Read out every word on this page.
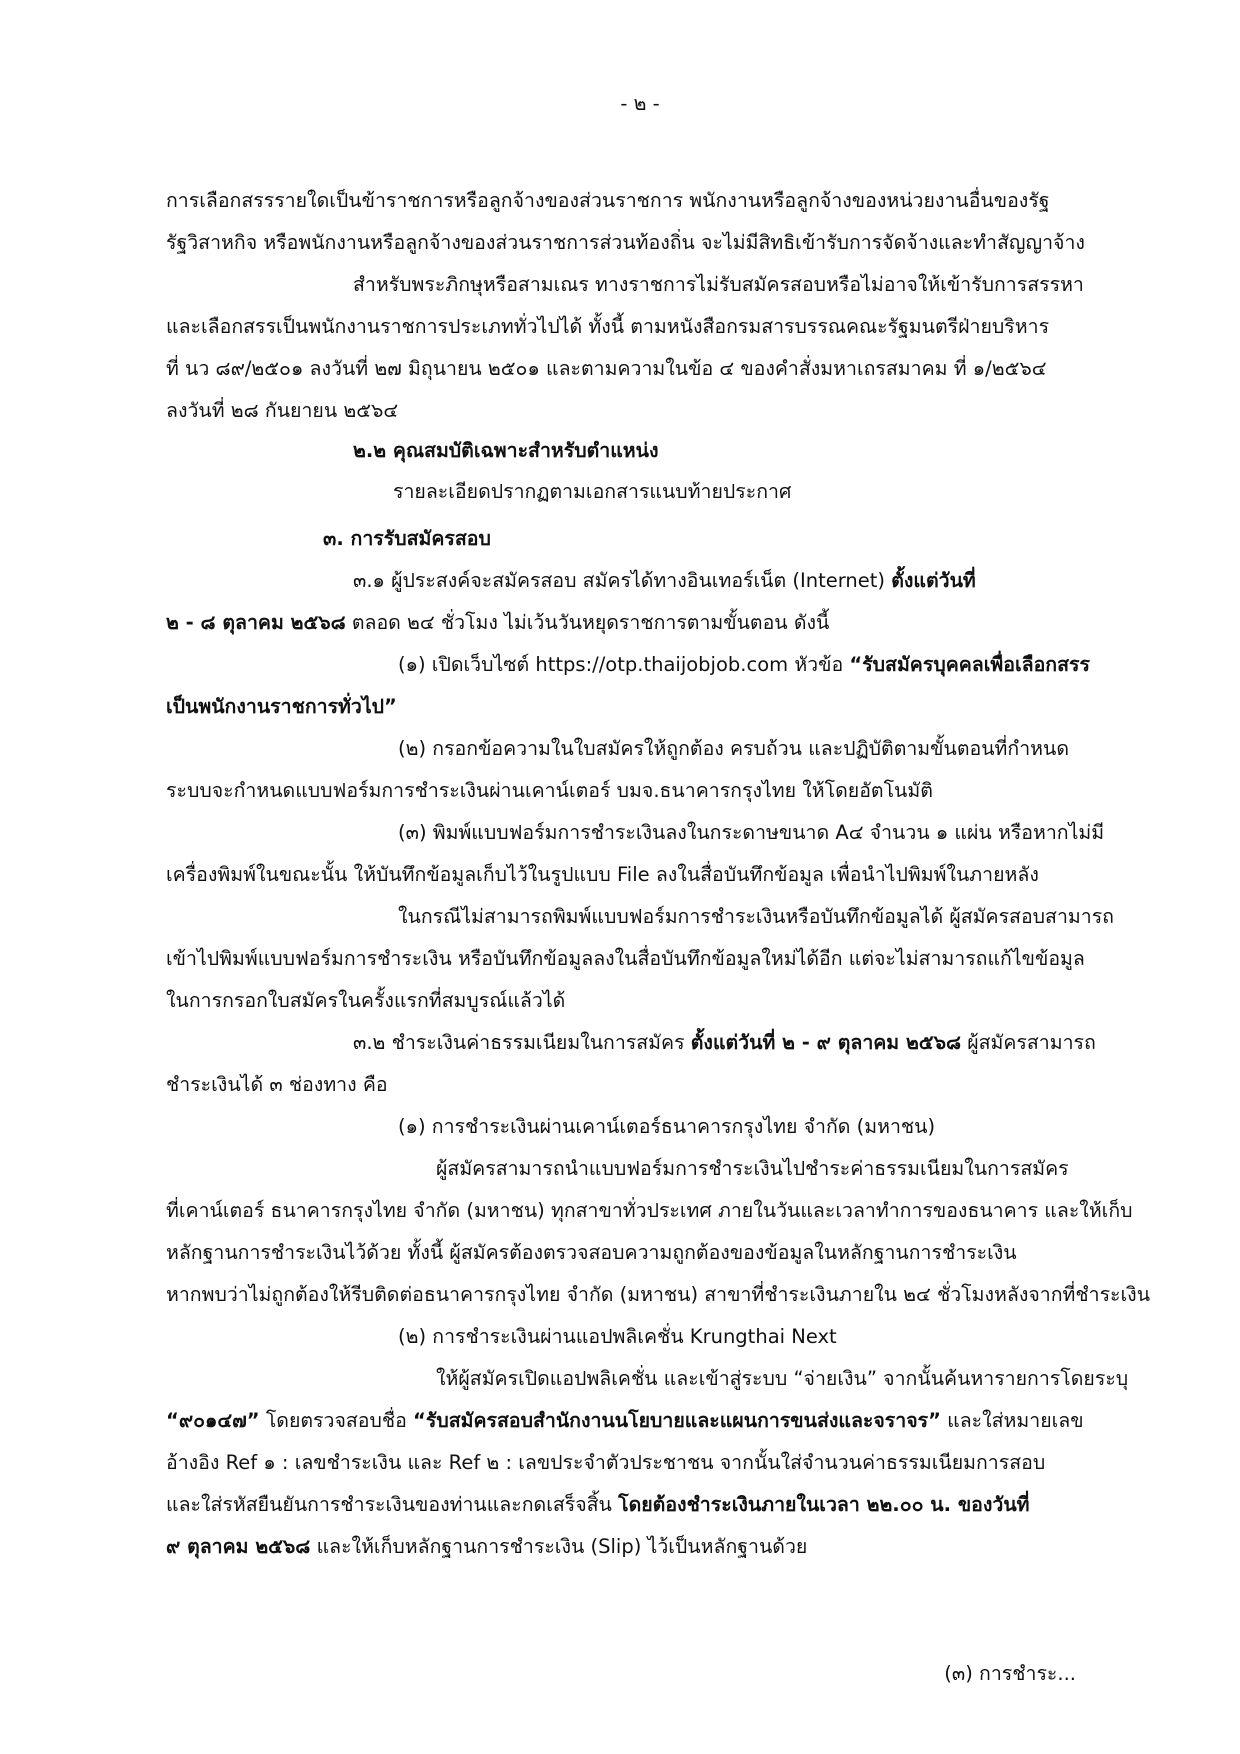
- ๒ -
การเลือกสรรรายใดเป็นข้าราชการหรือลูกจ้างของส่วนราชการ พนักงานหรือลูกจ้างของหน่วยงานอื่นของรัฐ
รัฐวิสาหกิจ หรือพนักงานหรือลูกจ้างของส่วนราชการส่วนท้องถิ่น จะไม่มีสิทธิเข้ารับการจัดจ้างและทำสัญญาจ้าง
สำหรับพระภิกษุหรือสามเณร ทางราชการไม่รับสมัครสอบหรือไม่อาจให้เข้ารับการสรรหา
และเลือกสรรเป็นพนักงานราชการประเภททั่วไปได้ ทั้งนี้ ตามหนังสือกรมสารบรรณคณะรัฐมนตรีฝ่ายบริหาร
ที่ นว ๘๙/๒๕๐๑ ลงวันที่ ๒๗ มิถุนายน ๒๕๐๑ และตามความในข้อ ๔ ของคำสั่งมหาเถรสมาคม ที่ ๑/๒๕๖๔
ลงวันที่ ๒๘ กันยายน ๒๕๖๔
๒.๒ คุณสมบัติเฉพาะสำหรับตำแหน่ง
รายละเอียดปรากฏตามเอกสารแนบท้ายประกาศ
๓. การรับสมัครสอบ
๓.๑ ผู้ประสงค์จะสมัครสอบ สมัครได้ทางอินเทอร์เน็ต (Internet) ตั้งแต่วันที่
๒ - ๘ ตุลาคม ๒๕๖๘ ตลอด ๒๔ ชั่วโมง ไม่เว้นวันหยุดราชการตามขั้นตอน ดังนี้
(๑) เปิดเว็บไซต์ https://otp.thaijobjob.com หัวข้อ “รับสมัครบุคคลเพื่อเลือกสรร
เป็นพนักงานราชการทั่วไป”
(๒) กรอกข้อความในใบสมัครให้ถูกต้อง ครบถ้วน และปฏิบัติตามขั้นตอนที่กำหนด
ระบบจะกำหนดแบบฟอร์มการชำระเงินผ่านเคาน์เตอร์ บมจ.ธนาคารกรุงไทย ให้โดยอัตโนมัติ
(๓) พิมพ์แบบฟอร์มการชำระเงินลงในกระดาษขนาด A๔ จำนวน ๑ แผ่น หรือหากไม่มี
เครื่องพิมพ์ในขณะนั้น ให้บันทึกข้อมูลเก็บไว้ในรูปแบบ File ลงในสื่อบันทึกข้อมูล เพื่อนำไปพิมพ์ในภายหลัง
ในกรณีไม่สามารถพิมพ์แบบฟอร์มการชำระเงินหรือบันทึกข้อมูลได้ ผู้สมัครสอบสามารถ
เข้าไปพิมพ์แบบฟอร์มการชำระเงิน หรือบันทึกข้อมูลลงในสื่อบันทึกข้อมูลใหม่ได้อีก แต่จะไม่สามารถแก้ไขข้อมูล
ในการกรอกใบสมัครในครั้งแรกที่สมบูรณ์แล้วได้
๓.๒ ชำระเงินค่าธรรมเนียมในการสมัคร ตั้งแต่วันที่ ๒ - ๙ ตุลาคม ๒๕๖๘ ผู้สมัครสามารถ
ชำระเงินได้ ๓ ช่องทาง คือ
(๑) การชำระเงินผ่านเคาน์เตอร์ธนาคารกรุงไทย จำกัด (มหาชน)
ผู้สมัครสามารถนำแบบฟอร์มการชำระเงินไปชำระค่าธรรมเนียมในการสมัคร
ที่เคาน์เตอร์ ธนาคารกรุงไทย จำกัด (มหาชน) ทุกสาขาทั่วประเทศ ภายในวันและเวลาทำการของธนาคาร และให้เก็บ
หลักฐานการชำระเงินไว้ด้วย ทั้งนี้ ผู้สมัครต้องตรวจสอบความถูกต้องของข้อมูลในหลักฐานการชำระเงิน
หากพบว่าไม่ถูกต้องให้รีบติดต่อธนาคารกรุงไทย จำกัด (มหาชน) สาขาที่ชำระเงินภายใน ๒๔ ชั่วโมงหลังจากที่ชำระเงิน
(๒) การชำระเงินผ่านแอปพลิเคชั่น Krungthai Next
ให้ผู้สมัครเปิดแอปพลิเคชั่น และเข้าสู่ระบบ “จ่ายเงิน” จากนั้นค้นหารายการโดยระบุ
“๙๐๑๔๗” โดยตรวจสอบชื่อ “รับสมัครสอบสำนักงานนโยบายและแผนการขนส่งและจราจร” และใส่หมายเลข
อ้างอิง Ref ๑ : เลขชำระเงิน และ Ref ๒ : เลขประจำตัวประชาชน จากนั้นใส่จำนวนค่าธรรมเนียมการสอบ
และใส่รหัสยืนยันการชำระเงินของท่านและกดเสร็จสิ้น โดยต้องชำระเงินภายในเวลา ๒๒.๐๐ น. ของวันที่
๙ ตุลาคม ๒๕๖๘ และให้เก็บหลักฐานการชำระเงิน (Slip) ไว้เป็นหลักฐานด้วย
(๓) การชำระ...
